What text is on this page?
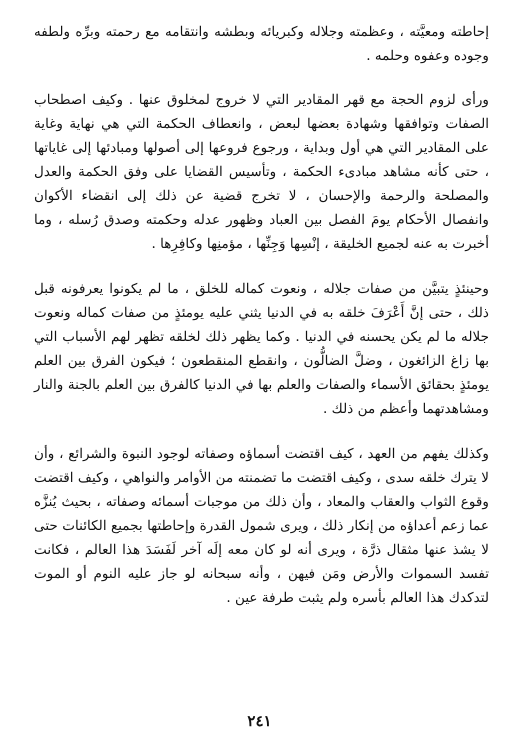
إحاطته ومعيَّته ، وعظمته وجلاله وكبريائه وبطشه وانتقامه مع رحمته وبرِّه ولطفه وجوده وعفوه وحلمه .

ورأى لزوم الحجة مع قهر المقادير التي لا خروج لمخلوق عنها . وكيف اصطحاب الصفات وتوافقها وشهادة بعضها لبعض ، وانعطاف الحكمة التي هي نهاية وغاية على المقادير التي هي أول وبداية ، ورجوع فروعها إلى أصولها ومبادئها إلى غاياتها ، حتى كأنه مشاهد مبادىء الحكمة ، وتأسيس القضايا على وفق الحكمة والعدل والمصلحة والرحمة والإحسان ، لا تخرج قضية عن ذلك إلى انقضاء الأكوان وانفصال الأحكام يومَ الفصل بين العباد وظهور عدله وحكمته وصدق رُسله ، وما أخبرت به عنه لجميع الخليقة ، إنْسِها وَجِنِّها ، مؤمنِها وكافِرِها .

وحينئذٍ يتبيَّن من صفات جلاله ، ونعوت كماله للخلق ، ما لم يكونوا يعرفونه قبل ذلك ، حتى إنَّ أَعْرَفَ خلقه به في الدنيا يثني عليه يومئذٍ من صفات كماله ونعوت جلاله ما لم يكن يحسنه في الدنيا . وكما يظهر ذلك لخلقه تظهر لهم الأسباب التي بها زاغ الزائغون ، وضلَّ الضالُّون ، وانقطع المنقطعون ؛ فيكون الفرق بين العلم يومئذٍ بحقائق الأسماء والصفات والعلم بها في الدنيا كالفرق بين العلم بالجنة والنار ومشاهدتهما وأعظم من ذلك .

وكذلك يفهم من العهد ، كيف اقتضت أسماؤه وصفاته لوجود النبوة والشرائع ، وأن لا يترك خلقه سدى ، وكيف اقتضت ما تضمنته من الأوامر والنواهي ، وكيف اقتضت وقوع الثواب والعقاب والمعاد ، وأن ذلك من موجبات أسمائه وصفاته ، بحيث يُنزَّه عما زعم أعداؤه من إنكار ذلك ، ويرى شمول القدرة وإحاطتها بجميع الكائنات حتى لا يشذ عنها مثقال ذرَّة ، ويرى أنه لو كان معه إلَه آخر لَفَسَدَ هذا العالم ، فكانت تفسد السموات والأرض ومَن فيهن ، وأنه سبحانه لو جاز عليه النوم أو الموت لتدكدك هذا العالم بأسره ولم يثبت طرفة عين .

٢٤١
